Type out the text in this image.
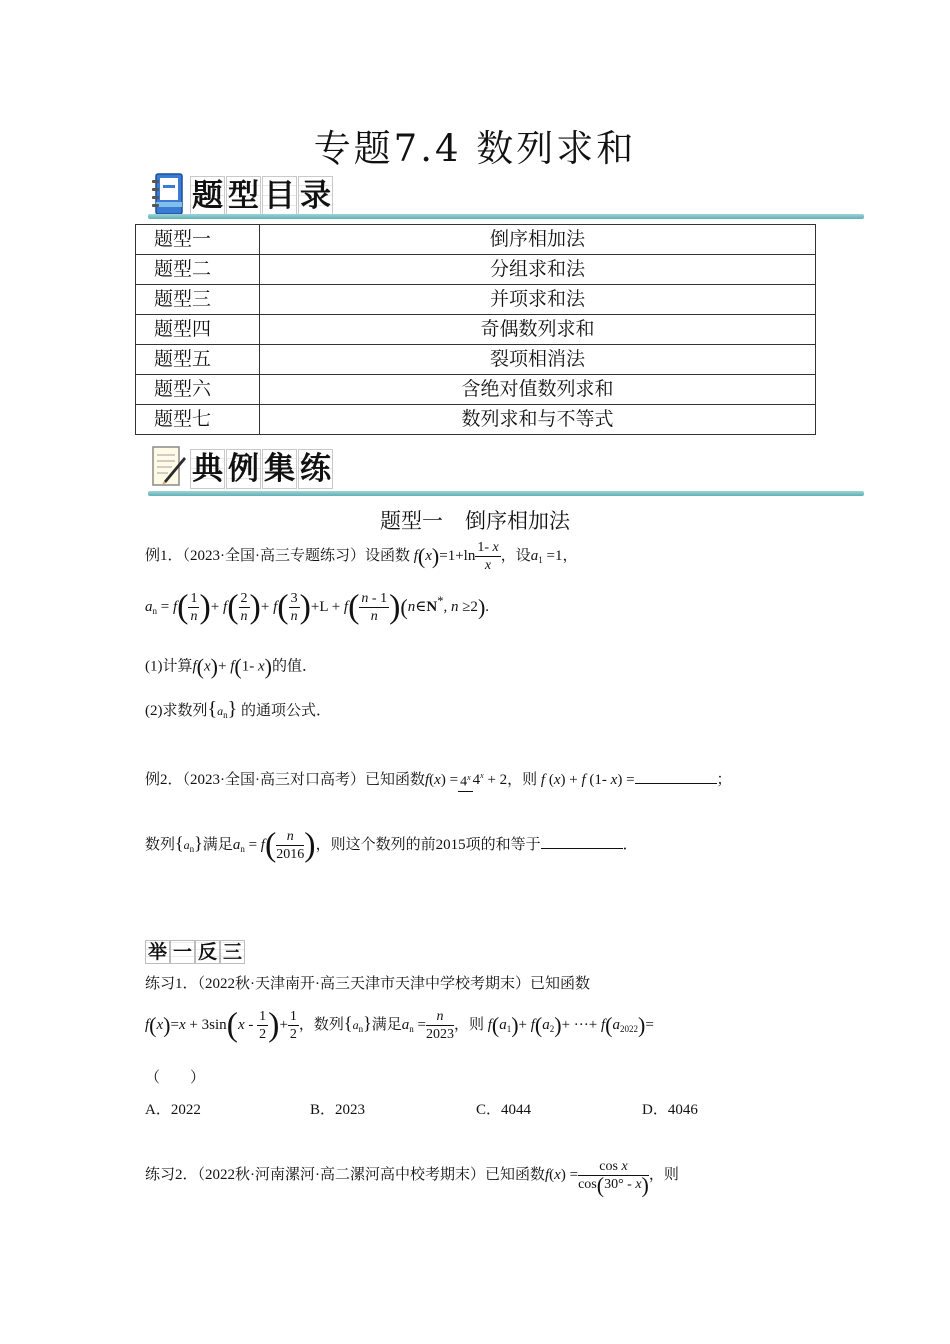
专题7.4 数列求和
题 型 目 录
题型一	倒序相加法
题型二	分组求和法
题型三	并项求和法
题型四	奇偶数列求和
题型五	裂项相消法
题型六	含绝对值数列求和
题型七	数列求和与不等式
典 例 集 练
题型一 倒序相加法
例1．（2023·全国·高三专题练习）设函数 $f(x)=1+\ln \frac{1- x}{x}$ ，设$a_1 =1$，
$a_n = f( \frac{1}{n}$ )+ $f( \frac{2}{n}$ )+ $f( \frac{3}{n} )+L + f( \frac{n - 1}{n}$ )(n∈N*, n ≥2).
(1)计算f(x)+ f(1- x)的值．
(2)求数列$\{a_n\}$ 的通项公式．
例2．（2023·全国·高三对口高考）已知函数$f(x) = 4^x$ $4^x + 2$，则 f (x) + f (1- x) =	；
数列$\{a_n\}$满足$a_n = f( \frac{n}{2016}$ )，则这个数列的前2015项的和等于	．
举 一 反 三
练习1．（2022秋·天津南开·高三天津市天津中学校考期末）已知函数
$f(x)=x + 3\sin(x - \frac{1}{2}$ )+ $\frac{1}{2}$ ，数列$\{a_n\}$满足$a_n = \frac{n}{2023}$ ，则 $f(a_1)+ f(a_2)+$ ···+ $f(a_{2022})=$
（　　）
A．2022	B．2023	C．4044	D．4046
练习2．（2022秋·河南漯河·高二漯河高中校考期末）已知函数$f(x) = \frac{\text{cos x}}{\cos(30^\circ - x)}$ ，则
